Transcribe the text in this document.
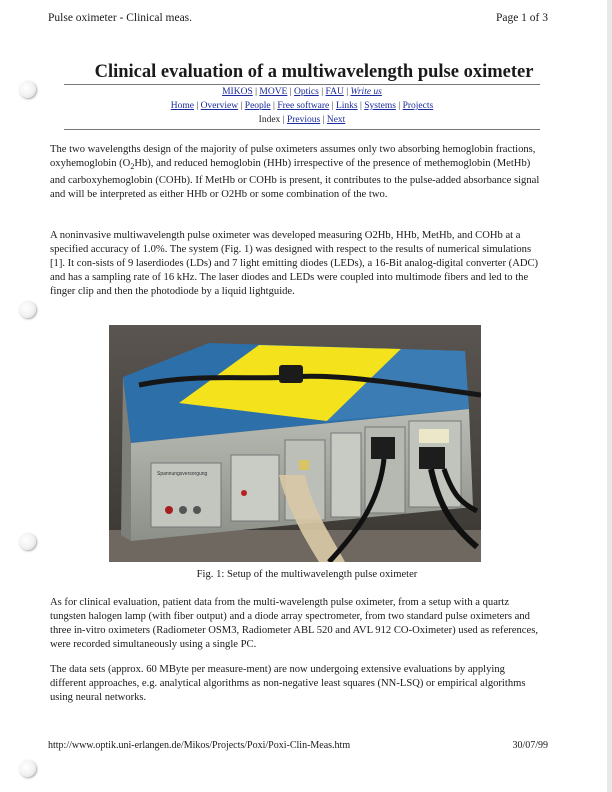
Pulse oximeter - Clinical meas.	Page 1 of 3
Clinical evaluation of a multiwavelength pulse oximeter
MIKOS | MOVE | Optics | FAU | Write us
Home | Overview | People | Free software | Links | Systems | Projects
Index | Previous | Next

The two wavelengths design of the majority of pulse oximeters assumes only two absorbing hemoglobin fractions, oxyhemoglobin $(O_2Hb)$, and reduced hemoglobin (HHb) irrespective of the presence of methemoglobin (MetHb) and carboxyhemoglobin (COHb). If MetHb or COHb is present, it contributes to the pulse-added absorbance signal and will be interpreted as either HHb or O2Hb or some combination of the two.

A noninvasive multiwavelength pulse oximeter was developed measuring O2Hb, HHb, MetHb, and COHb at a specified accuracy of 1.0%. The system (Fig. 1) was designed with respect to the results of numerical simulations [1]. It con-sists of 9 laserdiodes (LDs) and 7 light emitting diodes (LEDs), a 16-Bit analog-digital converter (ADC) and has a sampling rate of 16 kHz. The laser diodes and LEDs were coupled into multimode fibers and led to the finger clip and then the photodiode by a liquid lightguide.

Spannungsversorgung
Fig. 1: Setup of the multiwavelength pulse oximeter

As for clinical evaluation, patient data from the multi-wavelength pulse oximeter, from a setup with a quartz tungsten halogen lamp (with fiber output) and a diode array spectrometer, from two standard pulse oximeters and three in-vitro oximeters (Radiometer OSM3, Radiometer ABL 520 and AVL 912 CO-Oximeter) used as references, were recorded simultaneously using a single PC.

The data sets (approx. 60 MByte per measure-ment) are now undergoing extensive evaluations by applying different approaches, e.g. analytical algorithms as non-negative least squares (NN-LSQ) or empirical algorithms using neural networks.

http://www.optik.uni-erlangen.de/Mikos/Projects/Poxi/Poxi-Clin-Meas.htm	30/07/99
